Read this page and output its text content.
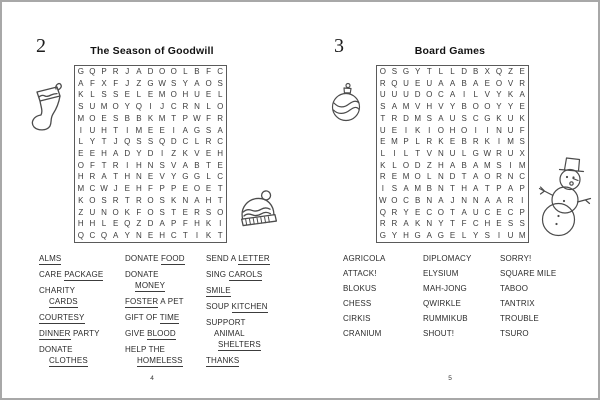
2	The Season of Goodwill
G Q P R J A D O O L B F C
A F X F J Z G W S Y A O S
K L S S E L E M O H U E L
S U M O Y Q I	J C R N L O
M O E S B B K M T P W F R
I U H T	I M E E I A G S A
L Y T J Q S S Q D C L R C
E E H A D Y D I	Z K V E H
O F T R I H N S V A B T E
H R A T H N E V Y G G L C
M C W J E H F P P E O E T
K O S R T R O S K N A H T
Z U N O K F O S T E R S O
H H L E Q Z D A P F H K I
Q C Q A Y N E H C T	I K T
ALMS
CARE PACKAGE
CHARITY
CARDS
COURTESY
DINNER PARTY
DONATE
CLOTHES
DONATE FOOD
DONATE
MONEY
FOSTER A PET
GIFT OF TIME
GIVE BLOOD
HELP THE
HOMELESS
SEND A LETTER
SING CAROLS
SMILE
SOUP KITCHEN
SUPPORT
ANIMAL
SHELTERS
THANKS
4
3	Board Games
O S G Y T L L D B X Q Z E
R Q U E U A A B A E O V R
U U U D O C A I	L V Y K A
S A M V H V Y B O O Y Y E
T R D M S A U S C G K U K
U E I K I O H O I	I N U F
E M P L R K E B R K I M S
L	I	L T V N U L G W R U X
K L O D Z H A B A M S I M
R E M O L N D T A O R N C
I S A M B N T H A T P A P
W O C B N A J N N A A R I
Q R Y E C O T A U C E C P
R R A K N Y T F C H E S S
G Y H G A G E L Y S I U M
AGRICOLA
ATTACK!
BLOKUS
CHESS
CIRKIS
CRANIUM
DIPLOMACY
ELYSIUM
MAH-JONG
QWIRKLE
RUMMIKUB
SHOUT!
SORRY!
SQUARE MILE
TABOO
TANTRIX
TROUBLE
TSURO
5
